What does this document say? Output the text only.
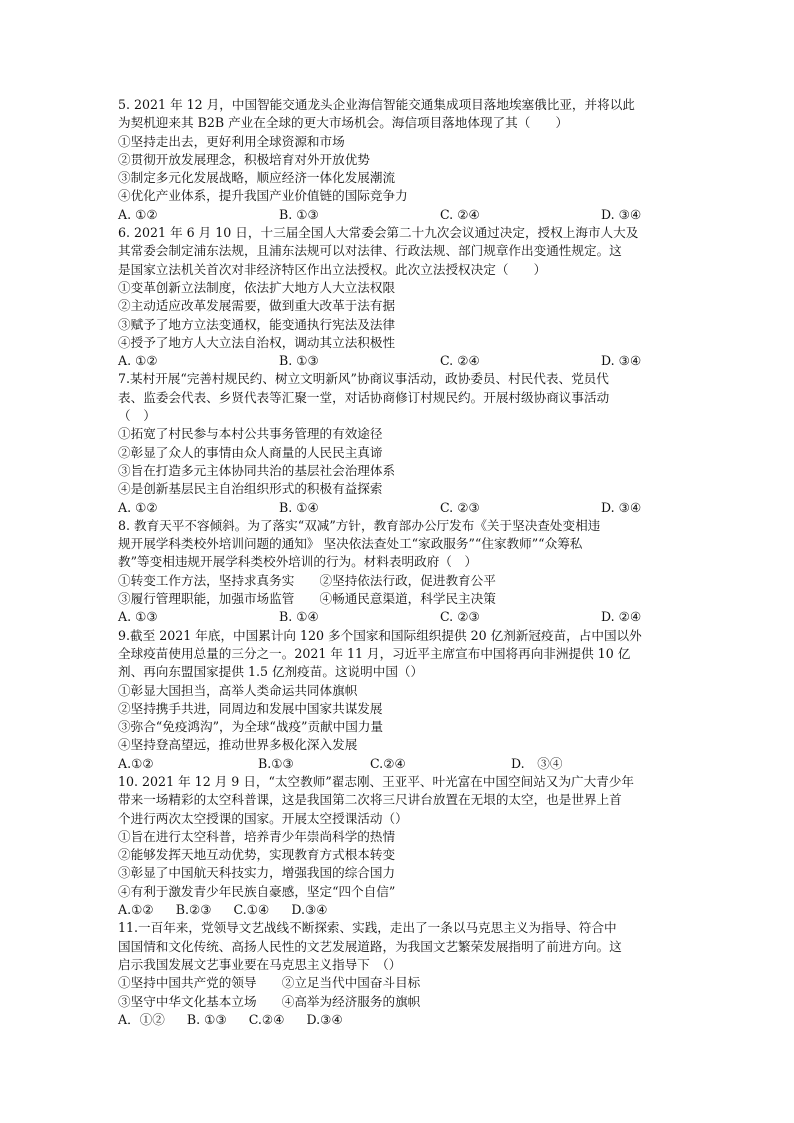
5. 2021 年 12 月，中国智能交通龙头企业海信智能交通集成项目落地埃塞俄比亚，并将以此
为契机迎来其 B2B 产业在全球的更大市场机会。海信项目落地体现了其（　　）
①坚持走出去，更好利用全球资源和市场
②贯彻开放发展理念，积极培育对外开放优势
③制定多元化发展战略，顺应经济一体化发展潮流
④优化产业体系，提升我国产业价值链的国际竞争力
A. ①②	B. ①③	C. ②④	D. ③④
6. 2021 年 6 月 10 日，十三届全国人大常委会第二十九次会议通过决定，授权上海市人大及
其常委会制定浦东法规，且浦东法规可以对法律、行政法规、部门规章作出变通性规定。这
是国家立法机关首次对非经济特区作出立法授权。此次立法授权决定（　　）
①变革创新立法制度，依法扩大地方人大立法权限
②主动适应改革发展需要，做到重大改革于法有据
③赋予了地方立法变通权，能变通执行宪法及法律
④授予了地方人大立法自治权，调动其立法积极性
A. ①②	B. ①③	C. ②④	D. ③④
7.某村开展“完善村规民约、树立文明新风”协商议事活动，政协委员、村民代表、党员代
表、监委会代表、乡贤代表等汇聚一堂，对话协商修订村规民约。开展村级协商议事活动
（　）
①拓宽了村民参与本村公共事务管理的有效途径
②彰显了众人的事情由众人商量的人民民主真谛
③旨在打造多元主体协同共治的基层社会治理体系
④是创新基层民主自治组织形式的积极有益探索
A. ①②	B. ①④	C. ②③	D. ③④
8. 教育天平不容倾斜。为了落实“双减”方针，教育部办公厅发布《关于坚决查处变相违
规开展学科类校外培训问题的通知》 坚决依法查处工“家政服务”“住家教师”“众筹私
教”等变相违规开展学科类校外培训的行为。材料表明政府（　）
①转变工作方法，坚持求真务实　　②坚持依法行政，促进教育公平
③履行管理职能，加强市场监管　　④畅通民意渠道，科学民主决策
A. ①③	B. ①④	C. ②③	D. ②④
9.截至 2021 年底，中国累计向 120 多个国家和国际组织提供 20 亿剂新冠疫苗，占中国以外
全球疫苗使用总量的三分之一。2021 年 11 月，习近平主席宣布中国将再向非洲提供 10 亿
剂、再向东盟国家提供 1.5 亿剂疫苗。这说明中国（）
①彰显大国担当，高举人类命运共同体旗帜
②坚持携手共进，同周边和发展中国家共谋发展
③弥合“免疫鸿沟”，为全球“战疫”贡献中国力量
④坚持登高望远，推动世界多极化深入发展
A.①②	B.①③	C.②④	D.　③④
10. 2021 年 12 月 9 日，“太空教师”翟志刚、王亚平、叶光富在中国空间站又为广大青少年
带来一场精彩的太空科普课，这是我国第二次将三尺讲台放置在无垠的太空，也是世界上首
个进行两次太空授课的国家。开展太空授课活动（）
①旨在进行太空科普，培养青少年崇尚科学的热情
②能够发挥天地互动优势，实现教育方式根本转变
③彰显了中国航天科技实力，增强我国的综合国力
④有利于激发青少年民族自豪感，坚定“四个自信”
A.①② B.②③ C.①④ D.③④
11.一百年来，党领导文艺战线不断探索、实践，走出了一条以马克思主义为指导、符合中
国国情和文化传统、高扬人民性的文艺发展道路，为我国文艺繁荣发展指明了前进方向。这
启示我国发展文艺事业要在马克思主义指导下　（）
①坚持中国共产党的领导　　②立足当代中国奋斗目标
③坚守中华文化基本立场　　④高举为经济服务的旗帜
A．①② B. ①③ C.②④ D.③④
